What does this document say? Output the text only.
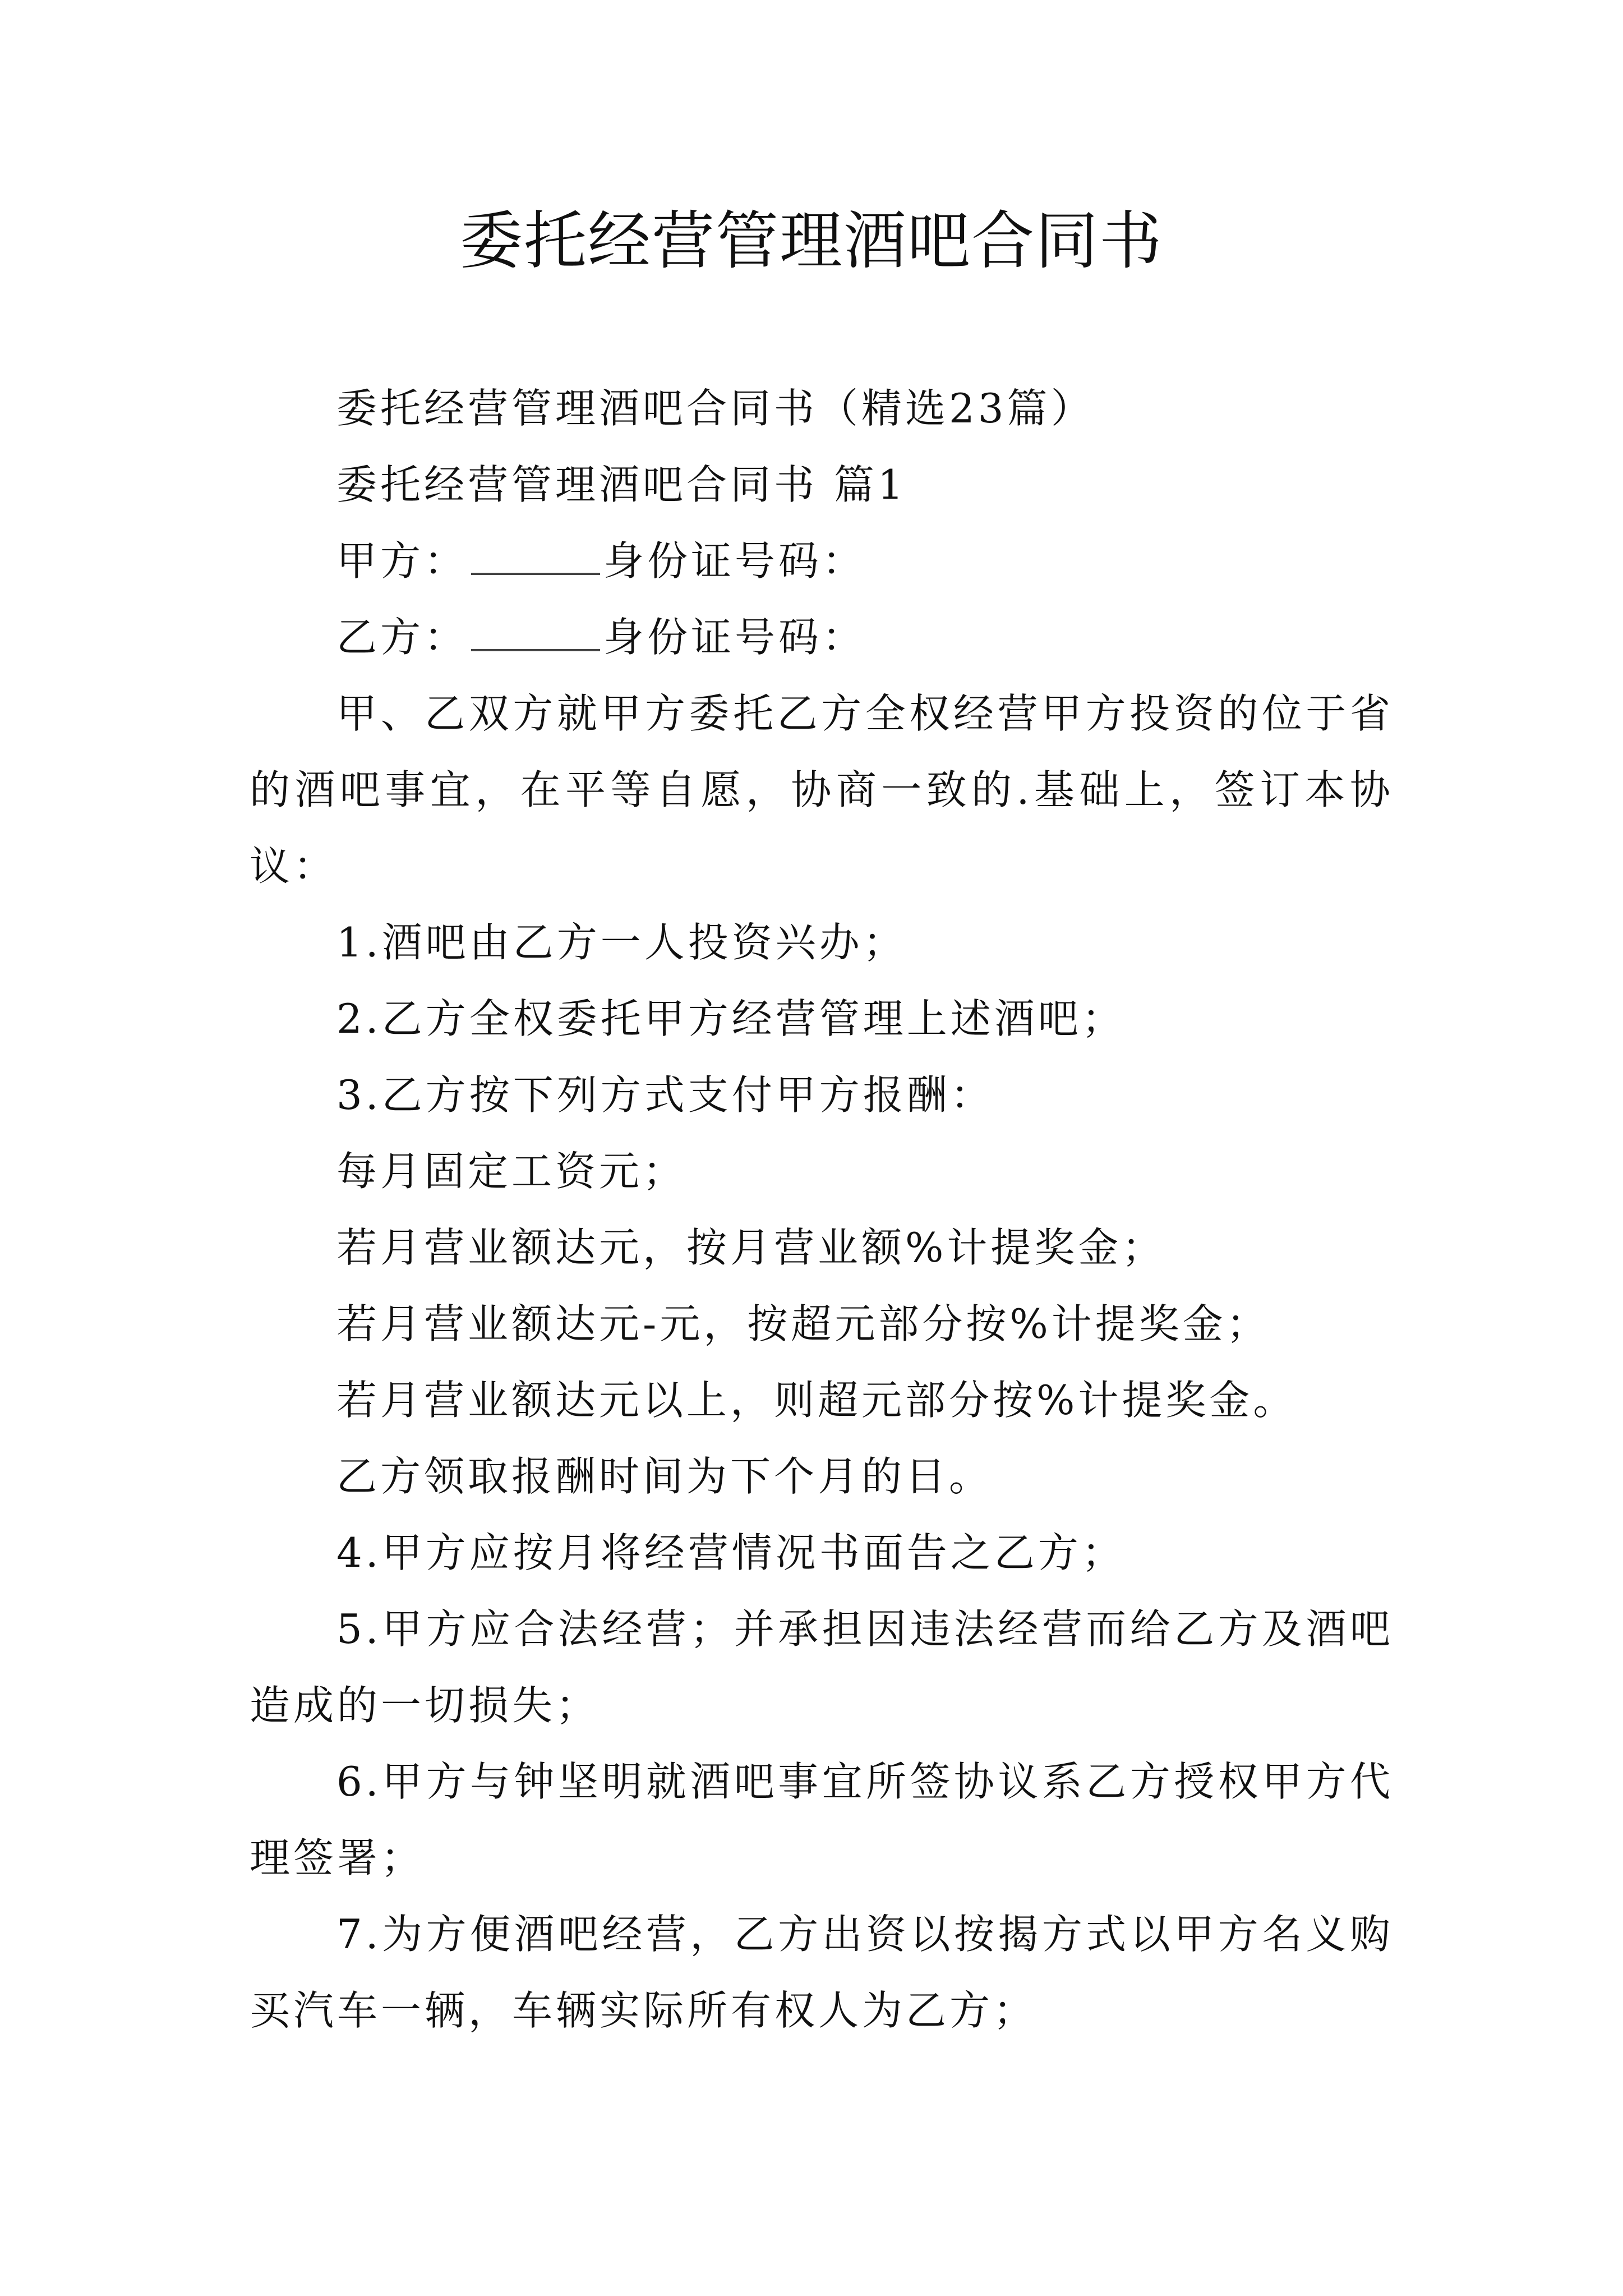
委托经营管理酒吧合同书

委托经营管理酒吧合同书（精选23篇）

委托经营管理酒吧合同书 篇1

甲方：	身份证号码：

乙方：	身份证号码：

甲、乙双方就甲方委托乙方全权经营甲方投资的位于省的酒吧事宜，在平等自愿，协商一致的.基础上，签订本协议：

1.酒吧由乙方一人投资兴办；

2.乙方全权委托甲方经营管理上述酒吧；

3.乙方按下列方式支付甲方报酬：

每月固定工资元；

若月营业额达元，按月营业额%计提奖金；

若月营业额达元-元，按超元部分按%计提奖金；

若月营业额达元以上，则超元部分按%计提奖金。

乙方领取报酬时间为下个月的日。

4.甲方应按月将经营情况书面告之乙方；

5.甲方应合法经营；并承担因违法经营而给乙方及酒吧造成的一切损失；

6.甲方与钟坚明就酒吧事宜所签协议系乙方授权甲方代理签署；

7.为方便酒吧经营，乙方出资以按揭方式以甲方名义购买汽车一辆，车辆实际所有权人为乙方；
